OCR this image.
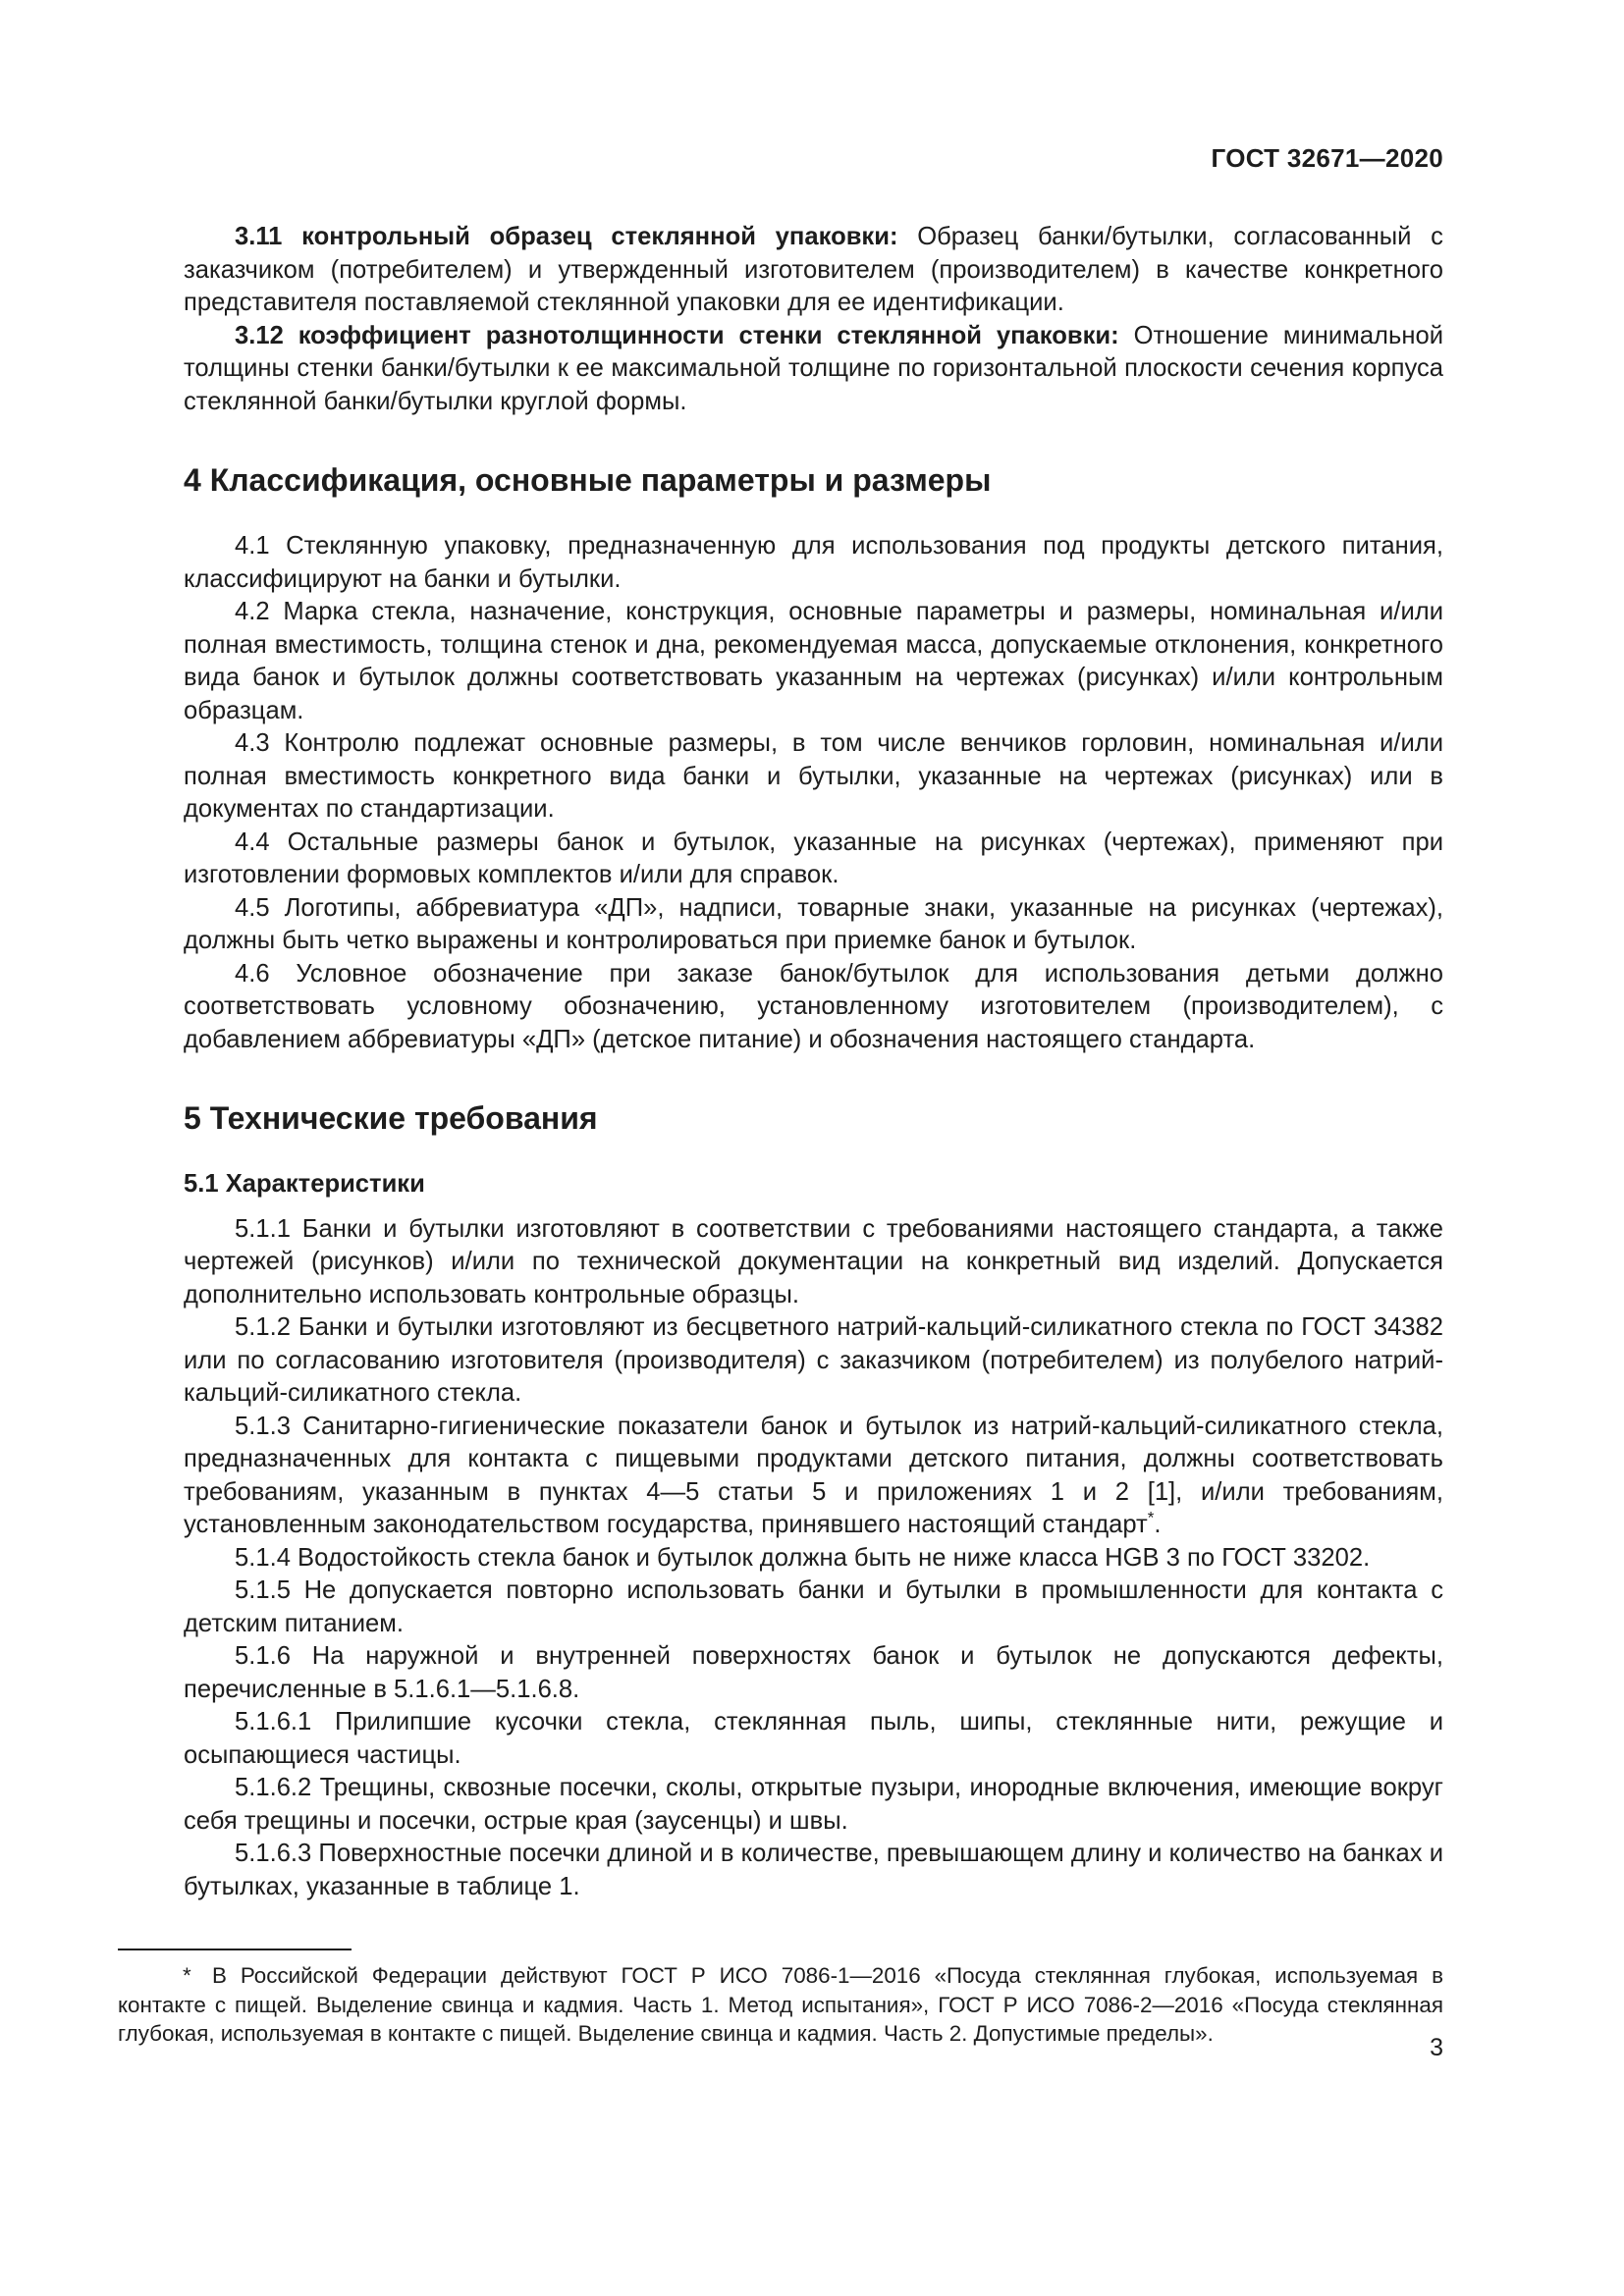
ГОСТ 32671—2020

3.11 контрольный образец стеклянной упаковки: Образец банки/бутылки, согласованный с заказчиком (потребителем) и утвержденный изготовителем (производителем) в качестве конкретного представителя поставляемой стеклянной упаковки для ее идентификации.

3.12 коэффициент разнотолщинности стенки стеклянной упаковки: Отношение минимальной толщины стенки банки/бутылки к ее максимальной толщине по горизонтальной плоскости сечения корпуса стеклянной банки/бутылки круглой формы.

4 Классификация, основные параметры и размеры

4.1 Стеклянную упаковку, предназначенную для использования под продукты детского питания, классифицируют на банки и бутылки.

4.2 Марка стекла, назначение, конструкция, основные параметры и размеры, номинальная и/или полная вместимость, толщина стенок и дна, рекомендуемая масса, допускаемые отклонения, конкретного вида банок и бутылок должны соответствовать указанным на чертежах (рисунках) и/или контрольным образцам.

4.3 Контролю подлежат основные размеры, в том числе венчиков горловин, номинальная и/или полная вместимость конкретного вида банки и бутылки, указанные на чертежах (рисунках) или в документах по стандартизации.

4.4 Остальные размеры банок и бутылок, указанные на рисунках (чертежах), применяют при изготовлении формовых комплектов и/или для справок.

4.5 Логотипы, аббревиатура «ДП», надписи, товарные знаки, указанные на рисунках (чертежах), должны быть четко выражены и контролироваться при приемке банок и бутылок.

4.6 Условное обозначение при заказе банок/бутылок для использования детьми должно соответствовать условному обозначению, установленному изготовителем (производителем), с добавлением аббревиатуры «ДП» (детское питание) и обозначения настоящего стандарта.

5 Технические требования
5.1 Характеристики

5.1.1 Банки и бутылки изготовляют в соответствии с требованиями настоящего стандарта, а также чертежей (рисунков) и/или по технической документации на конкретный вид изделий. Допускается дополнительно использовать контрольные образцы.

5.1.2 Банки и бутылки изготовляют из бесцветного натрий-кальций-силикатного стекла по ГОСТ 34382 или по согласованию изготовителя (производителя) с заказчиком (потребителем) из полубелого натрий-кальций-силикатного стекла.

5.1.3 Санитарно-гигиенические показатели банок и бутылок из натрий-кальций-силикатного стекла, предназначенных для контакта с пищевыми продуктами детского питания, должны соответствовать требованиям, указанным в пунктах 4—5 статьи 5 и приложениях 1 и 2 [1], и/или требованиям, установленным законодательством государства, принявшего настоящий стандарт*.

5.1.4 Водостойкость стекла банок и бутылок должна быть не ниже класса HGB 3 по ГОСТ 33202.

5.1.5 Не допускается повторно использовать банки и бутылки в промышленности для контакта с детским питанием.

5.1.6 На наружной и внутренней поверхностях банок и бутылок не допускаются дефекты, перечисленные в 5.1.6.1—5.1.6.8.

5.1.6.1 Прилипшие кусочки стекла, стеклянная пыль, шипы, стеклянные нити, режущие и осыпающиеся частицы.

5.1.6.2 Трещины, сквозные посечки, сколы, открытые пузыри, инородные включения, имеющие вокруг себя трещины и посечки, острые края (заусенцы) и швы.

5.1.6.3 Поверхностные посечки длиной и в количестве, превышающем длину и количество на банках и бутылках, указанные в таблице 1.

* В Российской Федерации действуют ГОСТ Р ИСО 7086-1—2016 «Посуда стеклянная глубокая, используемая в контакте с пищей. Выделение свинца и кадмия. Часть 1. Метод испытания», ГОСТ Р ИСО 7086-2—2016 «Посуда стеклянная глубокая, используемая в контакте с пищей. Выделение свинца и кадмия. Часть 2. Допустимые пределы».
3
